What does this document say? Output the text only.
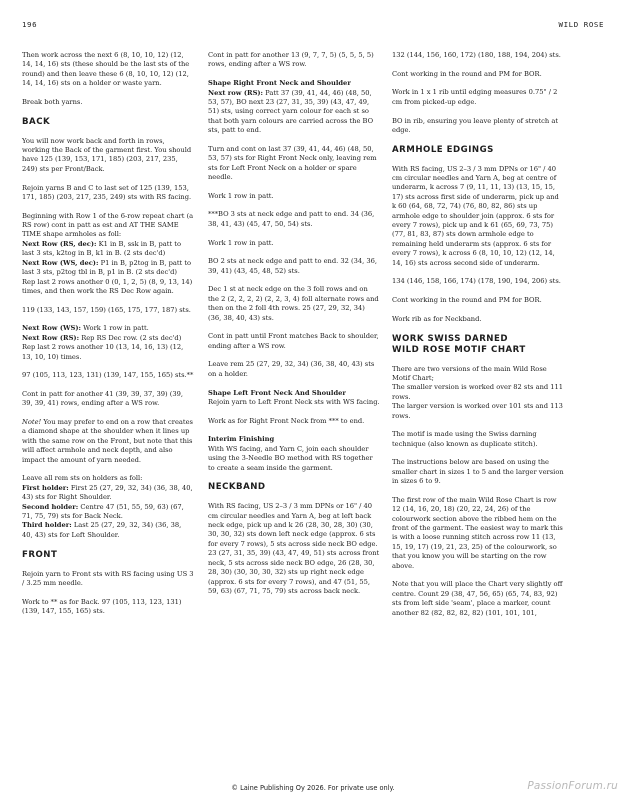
196	WILD ROSE

Then work across the next 6 (8, 10, 10, 12) (12, 14, 14, 16) sts (these should be the last sts of the round) and then leave these 6 (8, 10, 10, 12) (12, 14, 14, 16) sts on a holder or waste yarn.

Break both yarns.

BACK

You will now work back and forth in rows, working the Back of the garment first. You should have 125 (139, 153, 171, 185) (203, 217, 235, 249) sts per Front/Back.

Rejoin yarns B and C to last set of 125 (139, 153, 171, 185) (203, 217, 235, 249) sts with RS facing.

Beginning with Row 1 of the 6-row repeat chart (a RS row) cont in patt as est and AT THE SAME TIME shape armholes as foll:

Next Row (RS, dec): K1 in B, ssk in B, patt to last 3 sts, k2tog in B, k1 in B. (2 sts dec'd)

Next Row (WS, dec): P1 in B, p2tog in B, patt to last 3 sts, p2tog tbl in B, p1 in B. (2 sts dec'd)

Rep last 2 rows another 0 (0, 1, 2, 5) (8, 9, 13, 14) times, and then work the RS Dec Row again.

119 (133, 143, 157, 159) (165, 175, 177, 187) sts.

Next Row (WS): Work 1 row in patt.

Next Row (RS): Rep RS Dec row. (2 sts dec'd)

Rep last 2 rows another 10 (13, 14, 16, 13) (12, 13, 10, 10) times.

97 (105, 113, 123, 131) (139, 147, 155, 165) sts.**

Cont in patt for another 41 (39, 39, 37, 39) (39, 39, 39, 41) rows, ending after a WS row.

Note! You may prefer to end on a row that creates a diamond shape at the shoulder when it lines up with the same row on the Front, but note that this will affect armhole and neck depth, and also impact the amount of yarn needed.

Leave all rem sts on holders as foll:

First holder: First 25 (27, 29, 32, 34) (36, 38, 40, 43) sts for Right Shoulder.

Second holder: Centre 47 (51, 55, 59, 63) (67, 71, 75, 79) sts for Back Neck.

Third holder: Last 25 (27, 29, 32, 34) (36, 38, 40, 43) sts for Left Shoulder.

FRONT

Rejoin yarn to Front sts with RS facing using US 3 / 3.25 mm needle.

Work to ** as for Back. 97 (105, 113, 123, 131) (139, 147, 155, 165) sts.

Cont in patt for another 13 (9, 7, 7, 5) (5, 5, 5, 5) rows, ending after a WS row.

Shape Right Front Neck and Shoulder

Next row (RS): Patt 37 (39, 41, 44, 46) (48, 50, 53, 57), BO next 23 (27, 31, 35, 39) (43, 47, 49, 51) sts, using correct yarn colour for each st so that both yarn colours are carried across the BO sts, patt to end.

Turn and cont on last 37 (39, 41, 44, 46) (48, 50, 53, 57) sts for Right Front Neck only, leaving rem sts for Left Front Neck on a holder or spare needle.

Work 1 row in patt.

***BO 3 sts at neck edge and patt to end. 34 (36, 38, 41, 43) (45, 47, 50, 54) sts.

Work 1 row in patt.

BO 2 sts at neck edge and patt to end. 32 (34, 36, 39, 41) (43, 45, 48, 52) sts.

Dec 1 st at neck edge on the 3 foll rows and on the 2 (2, 2, 2, 2) (2, 2, 3, 4) foll alternate rows and then on the 2 foll 4th rows. 25 (27, 29, 32, 34) (36, 38, 40, 43) sts.

Cont in patt until Front matches Back to shoulder, ending after a WS row.

Leave rem 25 (27, 29, 32, 34) (36, 38, 40, 43) sts on a holder.

Shape Left Front Neck And Shoulder

Rejoin yarn to Left Front Neck sts with WS facing.

Work as for Right Front Neck from *** to end.

Interim Finishing

With WS facing, and Yarn C, join each shoulder using the 3-Needle BO method with RS together to create a seam inside the garment.

NECKBAND

With RS facing, US 2–3 / 3 mm DPNs or 16" / 40 cm circular needles and Yarn A, beg at left back neck edge, pick up and k 26 (28, 30, 28, 30) (30, 30, 30, 32) sts down left neck edge (approx. 6 sts for every 7 rows), 5 sts across side neck BO edge. 23 (27, 31, 35, 39) (43, 47, 49, 51) sts across front neck, 5 sts across side neck BO edge, 26 (28, 30, 28, 30) (30, 30, 30, 32) sts up right neck edge (approx. 6 sts for every 7 rows), and 47 (51, 55, 59, 63) (67, 71, 75, 79) sts across back neck.

132 (144, 156, 160, 172) (180, 188, 194, 204) sts.

Cont working in the round and PM for BOR.

Work in 1 x 1 rib until edging measures 0.75" / 2 cm from picked-up edge.

BO in rib, ensuring you leave plenty of stretch at edge.

ARMHOLE EDGINGS

With RS facing, US 2–3 / 3 mm DPNs or 16" / 40 cm circular needles and Yarn A, beg at centre of underarm, k across 7 (9, 11, 11, 13) (13, 15, 15, 17) sts across first side of underarm, pick up and k 60 (64, 68, 72, 74) (76, 80, 82, 86) sts up armhole edge to shoulder join (approx. 6 sts for every 7 rows), pick up and k 61 (65, 69, 73, 75) (77, 81, 83, 87) sts down armhole edge to remaining held underarm sts (approx. 6 sts for every 7 rows), k across 6 (8, 10, 10, 12) (12, 14, 14, 16) sts across second side of underarm.

134 (146, 158, 166, 174) (178, 190, 194, 206) sts.

Cont working in the round and PM for BOR.

Work rib as for Neckband.

WORK SWISS DARNED
WILD ROSE MOTIF CHART

There are two versions of the main Wild Rose Motif Chart;
The smaller version is worked over 82 sts and 111 rows.
The larger version is worked over 101 sts and 113 rows.

The motif is made using the Swiss darning technique (also known as duplicate stitch).

The instructions below are based on using the smaller chart in sizes 1 to 5 and the larger version in sizes 6 to 9.

The first row of the main Wild Rose Chart is row 12 (14, 16, 20, 18) (20, 22, 24, 26) of the colourwork section above the ribbed hem on the front of the garment. The easiest way to mark this is with a loose running stitch across row 11 (13, 15, 19, 17) (19, 21, 23, 25) of the colourwork, so that you know you will be starting on the row above.

Note that you will place the Chart very slightly off centre. Count 29 (38, 47, 56, 65) (65, 74, 83, 92) sts from left side 'seam', place a marker, count another 82 (82, 82, 82, 82) (101, 101, 101,

© Laine Publishing Oy 2026. For private use only.	PassionForum.ru
